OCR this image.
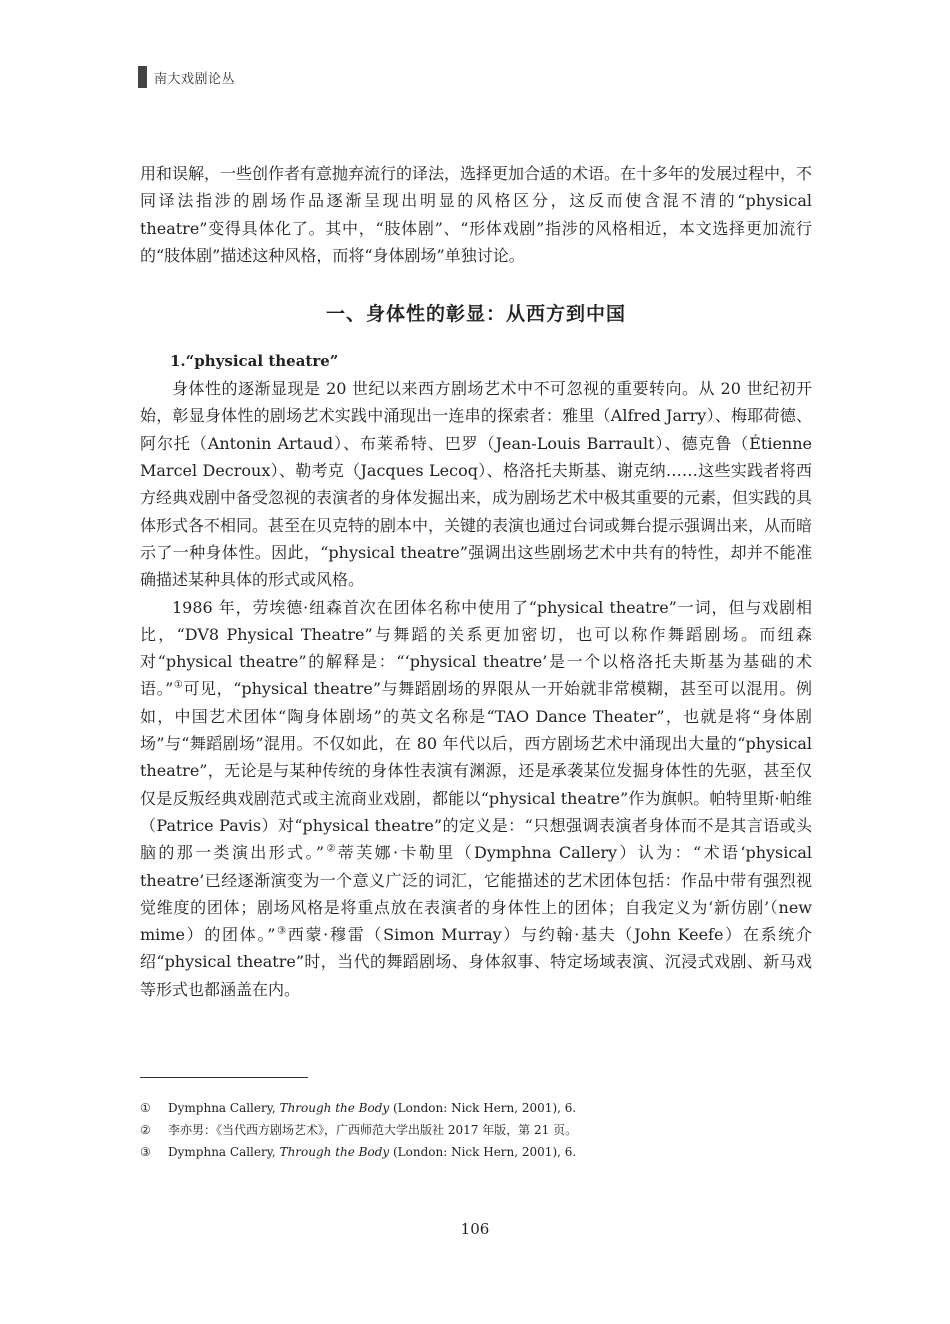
南大戏剧论丛

用和误解，一些创作者有意抛弃流行的译法，选择更加合适的术语。在十多年的发展过程中，不同译法指涉的剧场作品逐渐呈现出明显的风格区分，这反而使含混不清的“physical theatre”变得具体化了。其中，“肢体剧”、“形体戏剧”指涉的风格相近，本文选择更加流行的“肢体剧”描述这种风格，而将“身体剧场”单独讨论。

一、身体性的彰显：从西方到中国
1.“physical theatre”

身体性的逐渐显现是 20 世纪以来西方剧场艺术中不可忽视的重要转向。从 20 世纪初开始，彰显身体性的剧场艺术实践中涌现出一连串的探索者：雅里（Alfred Jarry）、梅耶荷德、阿尔托（Antonin Artaud）、布莱希特、巴罗（Jean-Louis Barrault）、德克鲁（Étienne Marcel Decroux）、勒考克（Jacques Lecoq）、格洛托夫斯基、谢克纳……这些实践者将西方经典戏剧中备受忽视的表演者的身体发掘出来，成为剧场艺术中极其重要的元素，但实践的具体形式各不相同。甚至在贝克特的剧本中，关键的表演也通过台词或舞台提示强调出来，从而暗示了一种身体性。因此，“physical theatre”强调出这些剧场艺术中共有的特性，却并不能准确描述某种具体的形式或风格。

1986 年，劳埃德·纽森首次在团体名称中使用了“physical theatre”一词，但与戏剧相比，“DV8 Physical Theatre”与舞蹈的关系更加密切，也可以称作舞蹈剧场。而纽森对“physical theatre”的解释是：“‘physical theatre’是一个以格洛托夫斯基为基础的术语。”①可见，“physical theatre”与舞蹈剧场的界限从一开始就非常模糊，甚至可以混用。例如，中国艺术团体“陶身体剧场”的英文名称是“TAO Dance Theater”，也就是将“身体剧场”与“舞蹈剧场”混用。不仅如此，在 80 年代以后，西方剧场艺术中涌现出大量的“physical theatre”，无论是与某种传统的身体性表演有渊源，还是承袭某位发掘身体性的先驱，甚至仅仅是反叛经典戏剧范式或主流商业戏剧，都能以“physical theatre”作为旗帜。帕特里斯·帕维（Patrice Pavis）对“physical theatre”的定义是：“只想强调表演者身体而不是其言语或头脑的那一类演出形式。”②蒂芙娜·卡勒里（Dymphna Callery）认为：“术语‘physical theatre’已经逐渐演变为一个意义广泛的词汇，它能描述的艺术团体包括：作品中带有强烈视觉维度的团体；剧场风格是将重点放在表演者的身体性上的团体；自我定义为‘新仿剧’（new mime）的团体。”③西蒙·穆雷（Simon Murray）与约翰·基夫（John Keefe）在系统介绍“physical theatre”时，当代的舞蹈剧场、身体叙事、特定场域表演、沉浸式戏剧、新马戏等形式也都涵盖在内。

①	Dymphna Callery, Through the Body (London: Nick Hern, 2001), 6.
②	李亦男：《当代西方剧场艺术》，广西师范大学出版社 2017 年版，第 21 页。
③	Dymphna Callery, Through the Body (London: Nick Hern, 2001), 6.
106
